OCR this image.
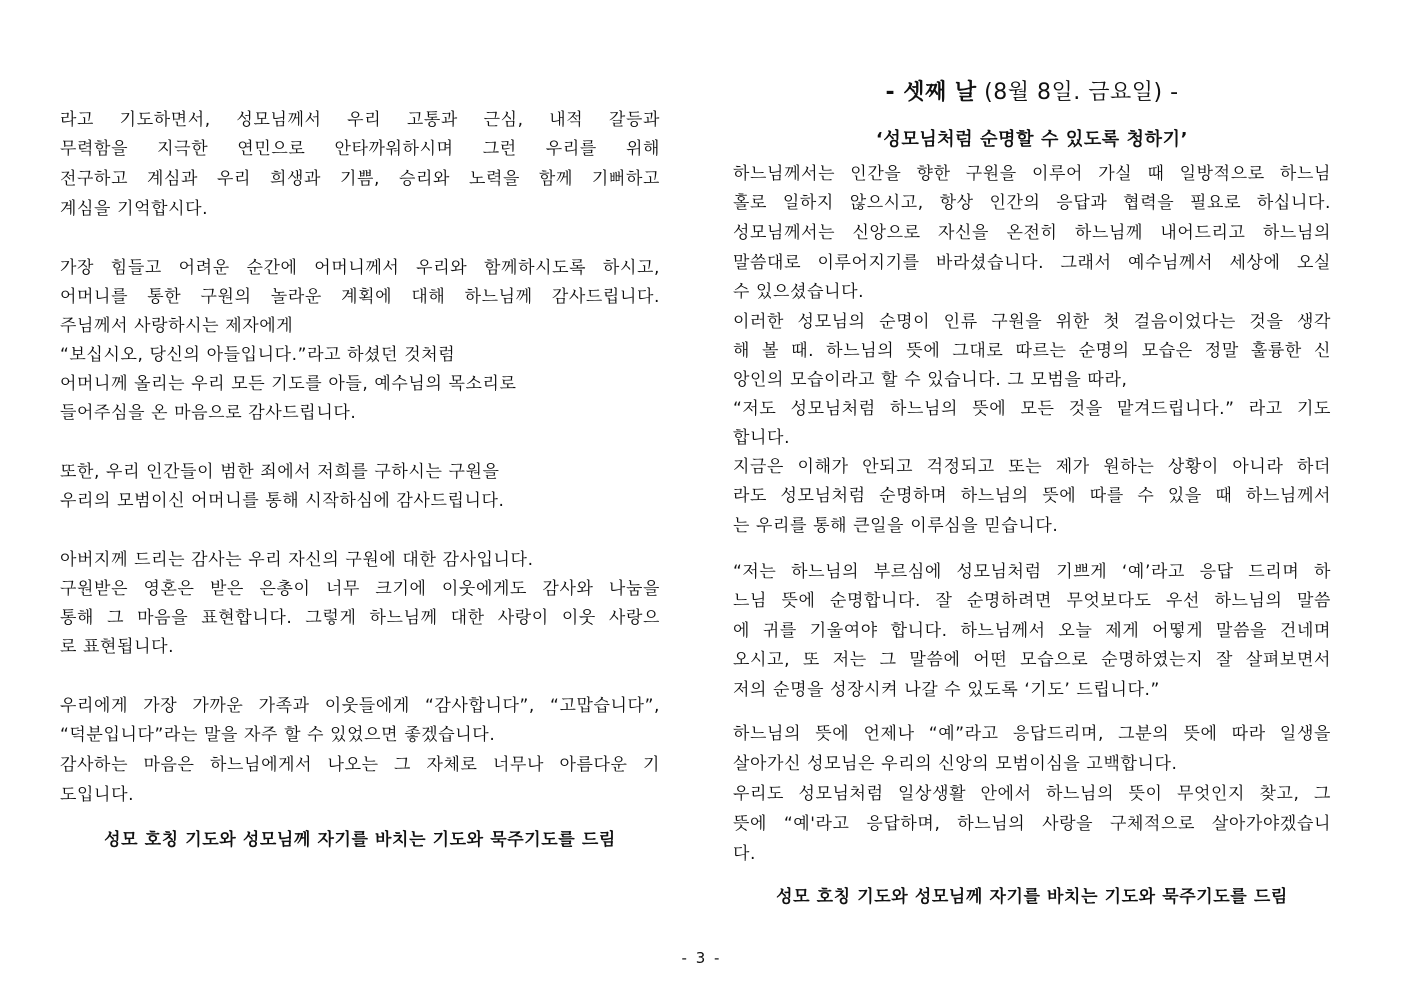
라고 기도하면서, 성모님께서 우리 고통과 근심, 내적 갈등과
무력함을 지극한 연민으로 안타까워하시며 그런 우리를 위해
전구하고 계심과 우리 희생과 기쁨, 승리와 노력을 함께 기뻐하고
계심을 기억합시다.
가장 힘들고 어려운 순간에 어머니께서 우리와 함께하시도록 하시고,
어머니를 통한 구원의 놀라운 계획에 대해 하느님께 감사드립니다.
주님께서 사랑하시는 제자에게
“보십시오, 당신의 아들입니다.”라고 하셨던 것처럼
어머니께 올리는 우리 모든 기도를 아들, 예수님의 목소리로
들어주심을 온 마음으로 감사드립니다.
또한, 우리 인간들이 범한 죄에서 저희를 구하시는 구원을
우리의 모범이신 어머니를 통해 시작하심에 감사드립니다.
아버지께 드리는 감사는 우리 자신의 구원에 대한 감사입니다.
구원받은 영혼은 받은 은총이 너무 크기에 이웃에게도 감사와 나눔을
통해 그 마음을 표현합니다. 그렇게 하느님께 대한 사랑이 이웃 사랑으
로 표현됩니다.
우리에게 가장 가까운 가족과 이웃들에게 “감사합니다”, “고맙습니다”,
“덕분입니다”라는 말을 자주 할 수 있었으면 좋겠습니다.
감사하는 마음은 하느님에게서 나오는 그 자체로 너무나 아름다운 기
도입니다.
성모 호칭 기도와 성모님께 자기를 바치는 기도와 묵주기도를 드림
- 셋째 날 (8월 8일. 금요일) -
‘성모님처럼 순명할 수 있도록 청하기’
하느님께서는 인간을 향한 구원을 이루어 가실 때 일방적으로 하느님
홀로 일하지 않으시고, 항상 인간의 응답과 협력을 필요로 하십니다.
성모님께서는 신앙으로 자신을 온전히 하느님께 내어드리고 하느님의
말씀대로 이루어지기를 바라셨습니다. 그래서 예수님께서 세상에 오실
수 있으셨습니다.
이러한 성모님의 순명이 인류 구원을 위한 첫 걸음이었다는 것을 생각
해 볼 때. 하느님의 뜻에 그대로 따르는 순명의 모습은 정말 훌륭한 신
앙인의 모습이라고 할 수 있습니다. 그 모범을 따라,
“저도 성모님처럼 하느님의 뜻에 모든 것을 맡겨드립니다.” 라고 기도
합니다.
지금은 이해가 안되고 걱정되고 또는 제가 원하는 상황이 아니라 하더
라도 성모님처럼 순명하며 하느님의 뜻에 따를 수 있을 때 하느님께서
는 우리를 통해 큰일을 이루심을 믿습니다.
“저는 하느님의 부르심에 성모님처럼 기쁘게 ‘예’라고 응답 드리며 하
느님 뜻에 순명합니다. 잘 순명하려면 무엇보다도 우선 하느님의 말씀
에 귀를 기울여야 합니다. 하느님께서 오늘 제게 어떻게 말씀을 건네며
오시고, 또 저는 그 말씀에 어떤 모습으로 순명하였는지 잘 살펴보면서
저의 순명을 성장시켜 나갈 수 있도록 ‘기도’ 드립니다.”
하느님의 뜻에 언제나 “예”라고 응답드리며, 그분의 뜻에 따라 일생을
살아가신 성모님은 우리의 신앙의 모범이심을 고백합니다.
우리도 성모님처럼 일상생활 안에서 하느님의 뜻이 무엇인지 찾고, 그
뜻에 “예'라고 응답하며, 하느님의 사랑을 구체적으로 살아가야겠습니
다.
성모 호칭 기도와 성모님께 자기를 바치는 기도와 묵주기도를 드림
- 3 -
